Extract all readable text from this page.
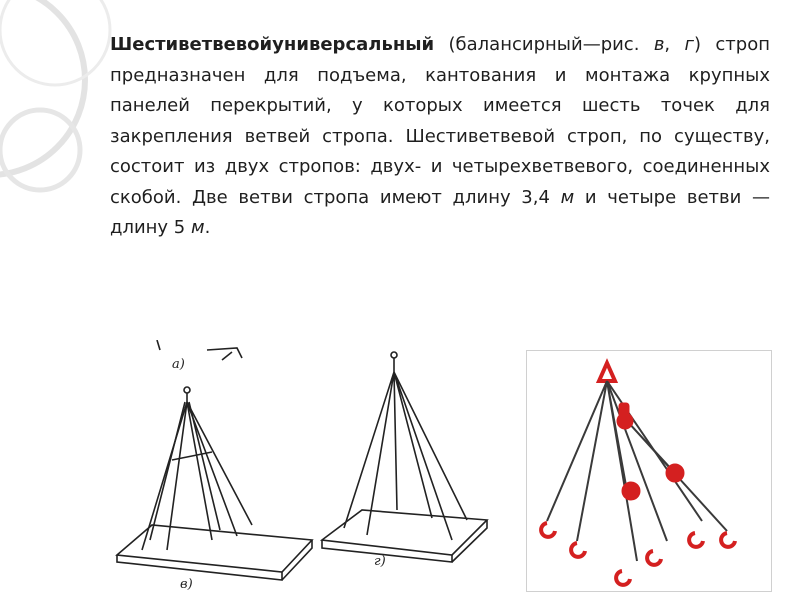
Шестиветвевойуниверсальный (балансирный—рис. в, г) строп предназначен для подъема, кантования и монтажа крупных панелей перекрытий, у которых имеется шесть точек для закрепления ветвей стропа. Шестиветвевой строп, по существу, состоит из двух стропов: двух- и четырехветвевого, соединенных скобой. Две ветви стропа имеют длину 3,4 м и четыре ветви — длину 5 м.
а)
в)
г)
